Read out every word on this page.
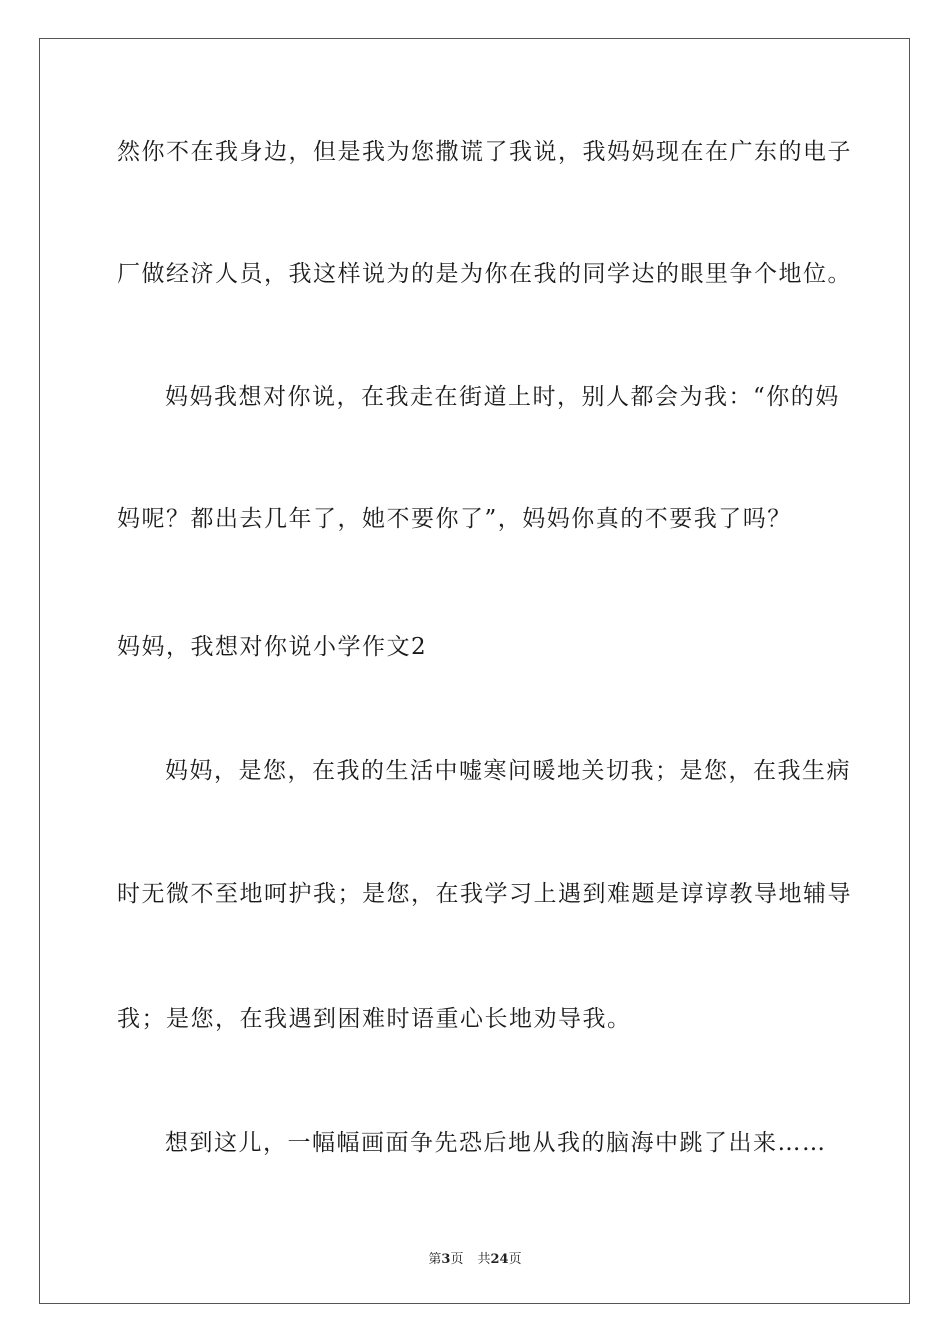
然你不在我身边，但是我为您撒谎了我说，我妈妈现在在广东的电子
厂做经济人员，我这样说为的是为你在我的同学达的眼里争个地位。
妈妈我想对你说，在我走在街道上时，别人都会为我：“你的妈
妈呢？都出去几年了，她不要你了”，妈妈你真的不要我了吗？
妈妈，我想对你说小学作文2
妈妈，是您，在我的生活中嘘寒问暖地关切我；是您，在我生病
时无微不至地呵护我；是您，在我学习上遇到难题是谆谆教导地辅导
我；是您，在我遇到困难时语重心长地劝导我。
想到这儿，一幅幅画面争先恐后地从我的脑海中跳了出来……
第3页 共24页
